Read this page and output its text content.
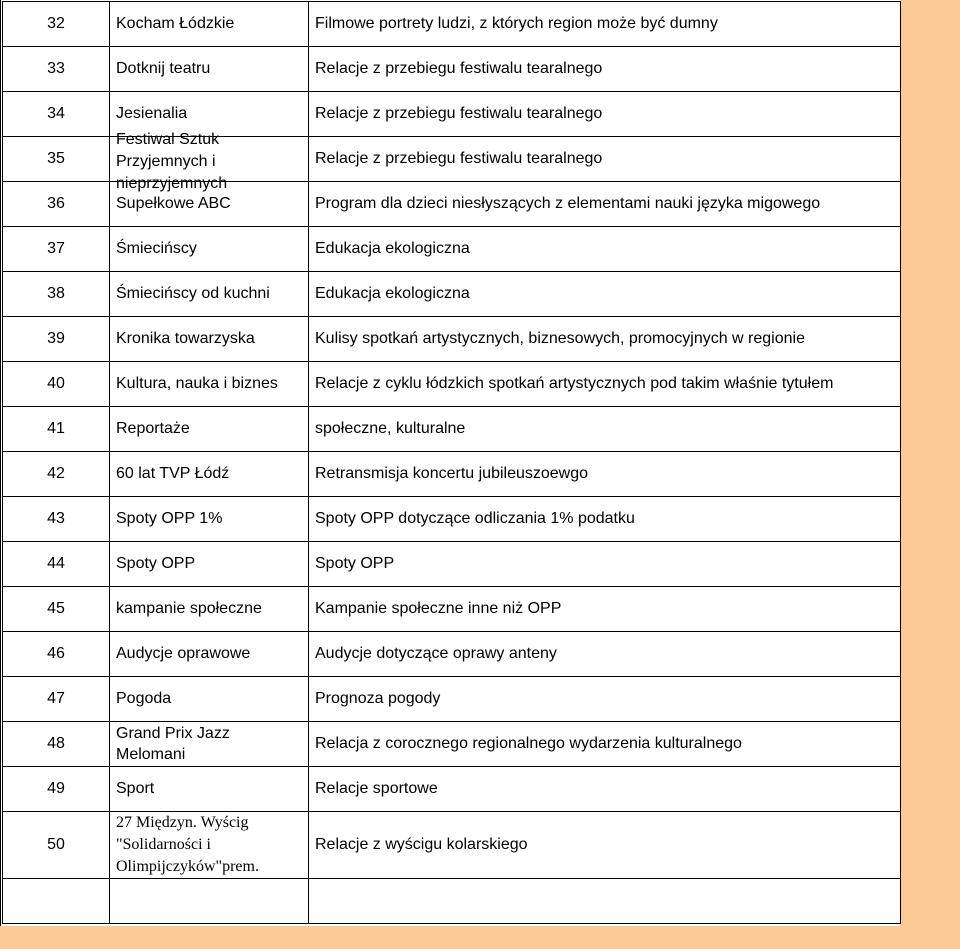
32	Kocham Łódzkie	Filmowe portrety ludzi, z których region może być dumny
33	Dotknij teatru	Relacje z przebiegu festiwalu tearalnego
34	Jesienalia	Relacje z przebiegu festiwalu tearalnego
35	Festiwal Sztuk Przyjemnych i nieprzyjemnych	Relacje z przebiegu festiwalu tearalnego
36	Supełkowe ABC	Program dla dzieci niesłyszących z elementami nauki języka migowego
37	Śmiecińscy	Edukacja ekologiczna
38	Śmiecińscy od kuchni	Edukacja ekologiczna
39	Kronika towarzyska	Kulisy spotkań artystycznych, biznesowych, promocyjnych w regionie
40	Kultura, nauka i biznes	Relacje z cyklu łódzkich spotkań artystycznych pod takim właśnie tytułem
41	Reportaże	społeczne, kulturalne
42	60 lat TVP Łódź	Retransmisja koncertu jubileuszoewgo
43	Spoty OPP 1%	Spoty OPP dotyczące odliczania 1% podatku
44	Spoty OPP	Spoty OPP
45	kampanie społeczne	Kampanie społeczne inne niż OPP
46	Audycje oprawowe	Audycje dotyczące oprawy anteny
47	Pogoda	Prognoza pogody
48	Grand Prix Jazz Melomani	Relacja z corocznego regionalnego wydarzenia kulturalnego
49	Sport	Relacje sportowe
50	27 Międzyn. Wyścig "Solidarności i Olimpijczyków"prem.	Relacje z wyścigu kolarskiego
